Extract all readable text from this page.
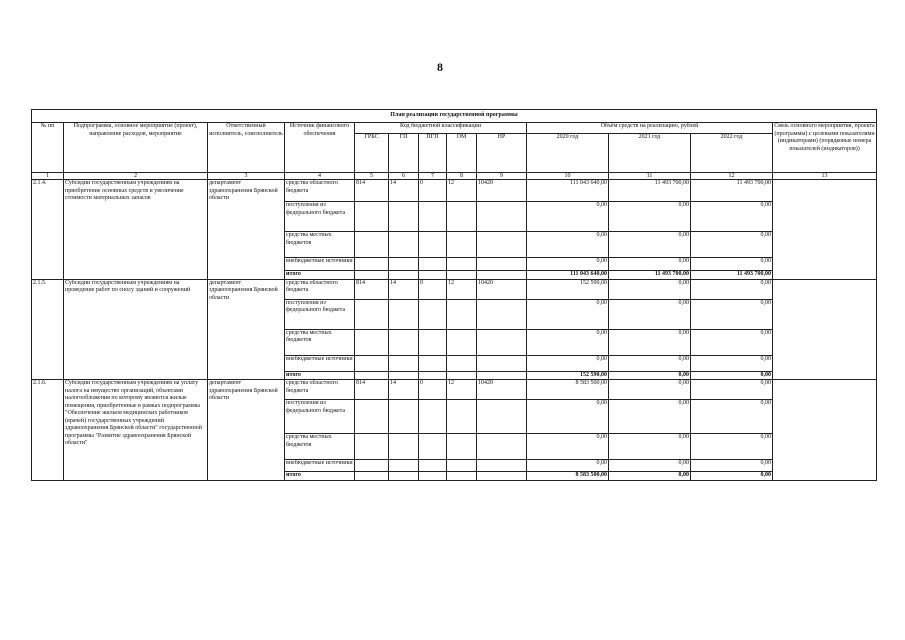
8
План реализации государственной программы												
№ пп	Подпрограмма, основное мероприятие (проект), направление расходов, мероприятие	Ответственный исполнитель, соисполнитель	Источник финансового обеспечения	Код бюджетной классификации					Объём средств на реализацию, рублей			Связь основного мероприятия, проекта (программы) с целевыми показателями (индикаторами) (порядковые номера показателей (индикаторов))
				ГРБС	ГП	ПГП	ОМ	НР	2020 год	2021 год	2022 год	
1	2	3	4	5	6	7	8	9	10	11	12	13
2.1.4.	Субсидии государственным учреждениям на приобретение основных средств и увеличение стоимости материальных запасов	департамент здравоохранения Брянской области	средства областного бюджета	814	14	0	12	10420	111 043 640,00	11 493 700,00	11 493 700,00	
			поступления из федерального бюджета						0,00	0,00	0,00	
			средства местных бюджетов						0,00	0,00	0,00	
			внебюджетные источники						0,00	0,00	0,00	
			итого						111 043 640,00	11 493 700,00	11 493 700,00	
2.1.5.	Субсидии государственным учреждениям на проведение работ по сносу зданий и сооружений	департамент здравоохранения Брянской области	средства областного бюджета	814	14	0	12	10420	152 590,00	0,00	0,00	
			поступления из федерального бюджета						0,00	0,00	0,00	
			средства местных бюджетов						0,00	0,00	0,00	
			внебюджетные источники						0,00	0,00	0,00	
			итого						152 590,00	0,00	0,00	
2.1.6.	Субсидии государственным учреждениям на уплату налога на имущество организаций, объектами налогообложения по которому являются жилые помещения, приобретенные в рамках подпрограммы "Обеспечение жильем медицинских работников (врачей) государственных учреждений здравоохранения Брянской области" государственной программы "Развитие здравоохранения Брянской области"	департамент здравоохранения Брянской области	средства областного бюджета	814	14	0	12	10420	8 583 500,00	0,00	0,00	
			поступления из федерального бюджета						0,00	0,00	0,00	
			средства местных бюджетов						0,00	0,00	0,00	
			внебюджетные источники						0,00	0,00	0,00	
			итого						8 583 500,00	0,00	0,00	
